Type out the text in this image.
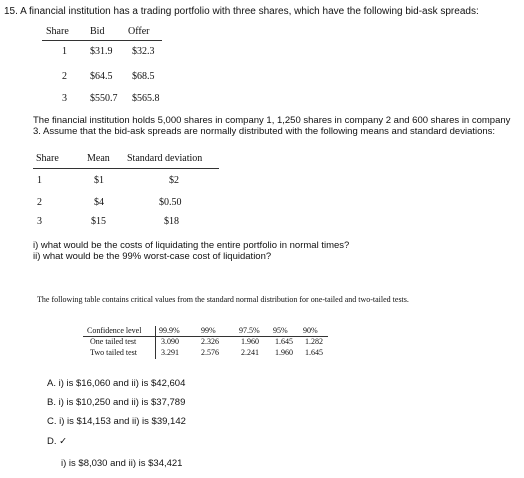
15. A financial institution has a trading portfolio with three shares, which have the following bid-ask spreads:
Share Bid Offer
1 $31.9 $32.3
2 $64.5 $68.5
3 $550.7 $565.8
The financial institution holds 5,000 shares in company 1, 1,250 shares in company 2 and 600 shares in company 3. Assume that the bid-ask spreads are normally distributed with the following means and standard deviations:
Share	Mean Standard deviation
1	$1	$2
2	$4	$0.50
3	$15	$18
i) what would be the costs of liquidating the entire portfolio in normal times?
ii) what would be the 99% worst-case cost of liquidation?
The following table contains critical values from the standard normal distribution for one-tailed and two-tailed tests.
Confidence level 99.9%	99%	97.5% 95% 90%
One tailed test	3.090	2.326	1.960 1.645 1.282
Two tailed test	3.291	2.576	2.241 1.960 1.645
A. i) is $16,060 and ii) is $42,604
B. i) is $10,250 and ii) is $37,789
C. i) is $14,153 and ii) is $39,142
D. ✓
i) is $8,030 and ii) is $34,421
